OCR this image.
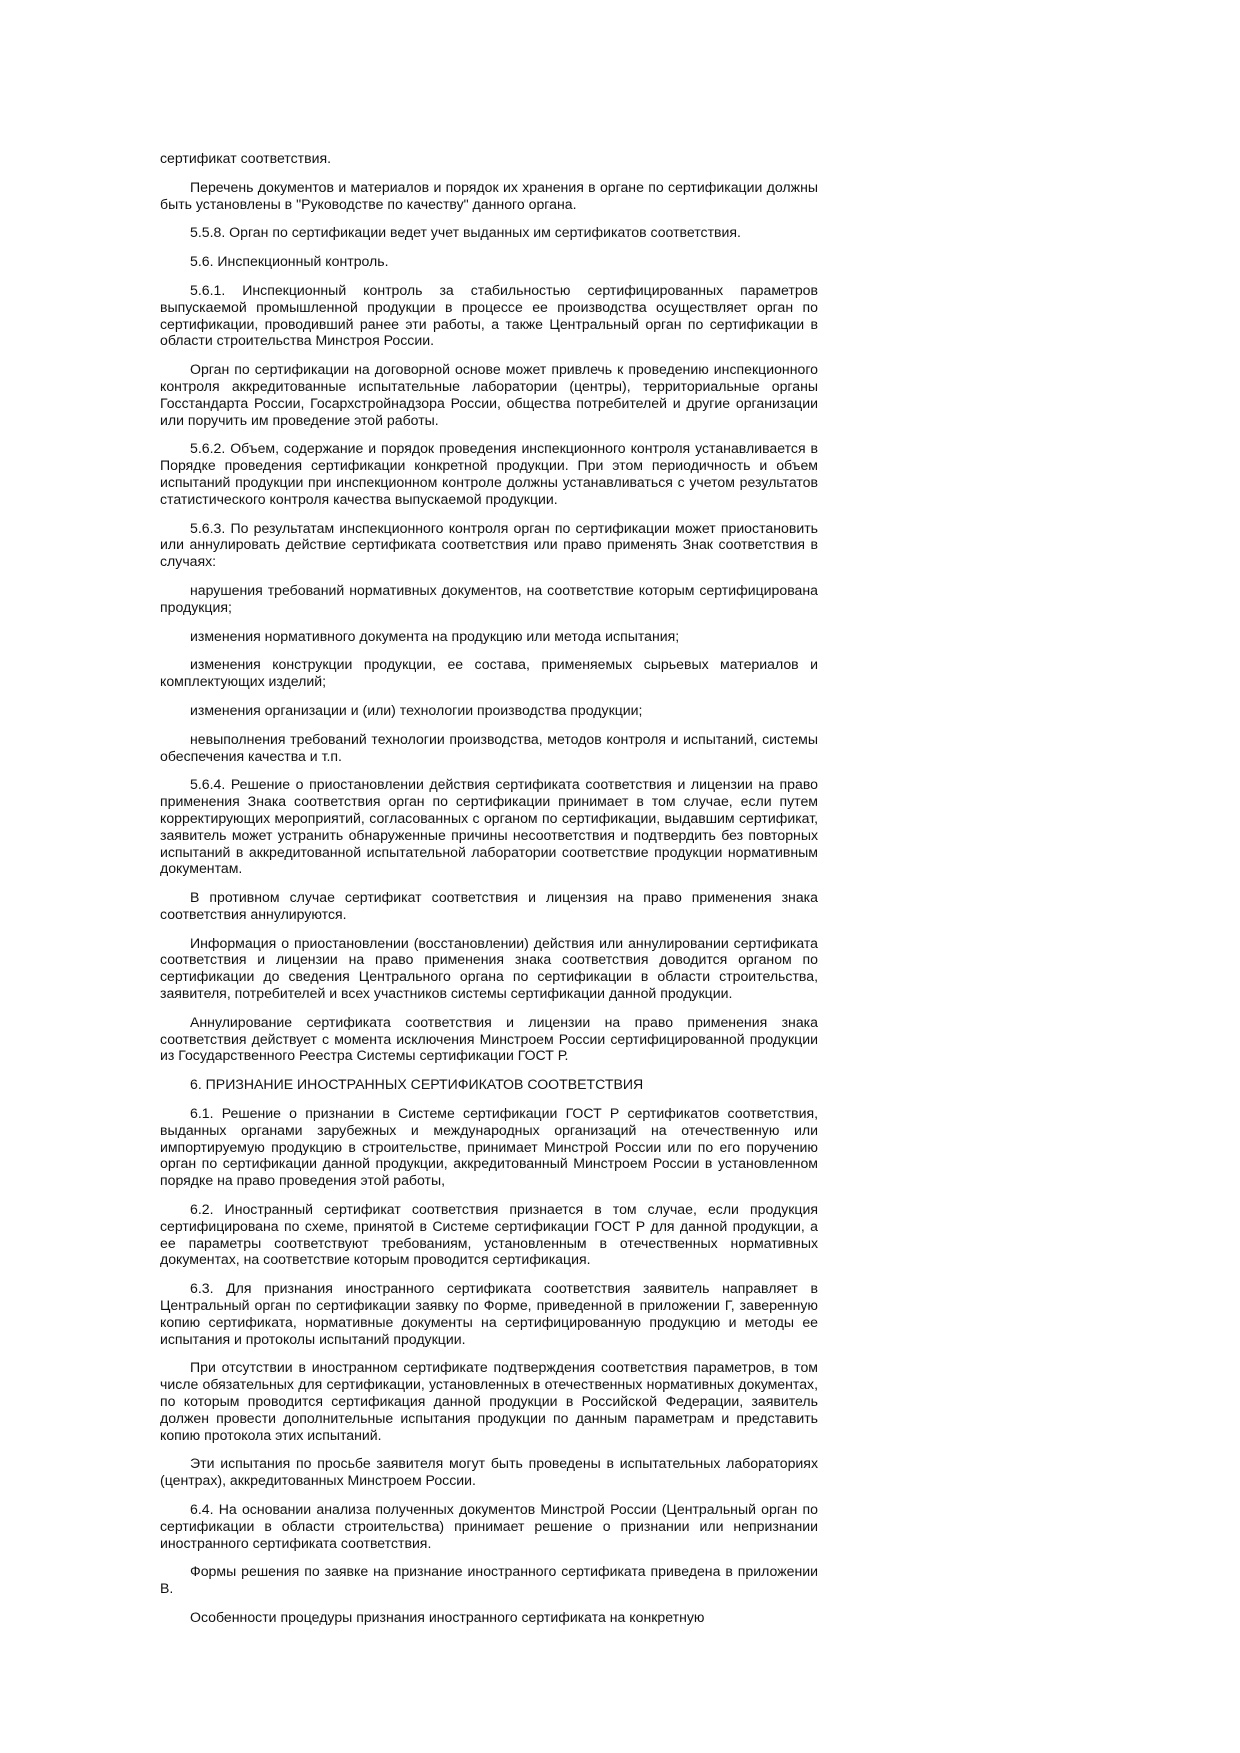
сертификат соответствия.

Перечень документов и материалов и порядок их хранения в органе по сертификации должны быть установлены в "Руководстве по качеству" данного органа.

5.5.8. Орган по сертификации ведет учет выданных им сертификатов соответствия.

5.6. Инспекционный контроль.

5.6.1. Инспекционный контроль за стабильностью сертифицированных параметров выпускаемой промышленной продукции в процессе ее производства осуществляет орган по сертификации, проводивший ранее эти работы, а также Центральный орган по сертификации в области строительства Минстроя России.

Орган по сертификации на договорной основе может привлечь к проведению инспекционного контроля аккредитованные испытательные лаборатории (центры), территориальные органы Госстандарта России, Госархстройнадзора России, общества потребителей и другие организации или поручить им проведение этой работы.

5.6.2. Объем, содержание и порядок проведения инспекционного контроля устанавливается в Порядке проведения сертификации конкретной продукции. При этом периодичность и объем испытаний продукции при инспекционном контроле должны устанавливаться с учетом результатов статистического контроля качества выпускаемой продукции.

5.6.3. По результатам инспекционного контроля орган по сертификации может приостановить или аннулировать действие сертификата соответствия или право применять Знак соответствия в случаях:

нарушения требований нормативных документов, на соответствие которым сертифицирована продукция;

изменения нормативного документа на продукцию или метода испытания;

изменения конструкции продукции, ее состава, применяемых сырьевых материалов и комплектующих изделий;

изменения организации и (или) технологии производства продукции;

невыполнения требований технологии производства, методов контроля и испытаний, системы обеспечения качества и т.п.

5.6.4. Решение о приостановлении действия сертификата соответствия и лицензии на право применения Знака соответствия орган по сертификации принимает в том случае, если путем корректирующих мероприятий, согласованных с органом по сертификации, выдавшим сертификат, заявитель может устранить обнаруженные причины несоответствия и подтвердить без повторных испытаний в аккредитованной испытательной лаборатории соответствие продукции нормативным документам.

В противном случае сертификат соответствия и лицензия на право применения знака соответствия аннулируются.

Информация о приостановлении (восстановлении) действия или аннулировании сертификата соответствия и лицензии на право применения знака соответствия доводится органом по сертификации до сведения Центрального органа по сертификации в области строительства, заявителя, потребителей и всех участников системы сертификации данной продукции.

Аннулирование сертификата соответствия и лицензии на право применения знака соответствия действует с момента исключения Минстроем России сертифицированной продукции из Государственного Реестра Системы сертификации ГОСТ Р.

6. ПРИЗНАНИЕ ИНОСТРАННЫХ СЕРТИФИКАТОВ СООТВЕТСТВИЯ

6.1. Решение о признании в Системе сертификации ГОСТ Р сертификатов соответствия, выданных органами зарубежных и международных организаций на отечественную или импортируемую продукцию в строительстве, принимает Минстрой России или по его поручению орган по сертификации данной продукции, аккредитованный Минстроем России в установленном порядке на право проведения этой работы,

6.2. Иностранный сертификат соответствия признается в том случае, если продукция сертифицирована по схеме, принятой в Системе сертификации ГОСТ Р для данной продукции, а ее параметры соответствуют требованиям, установленным в отечественных нормативных документах, на соответствие которым проводится сертификация.

6.3. Для признания иностранного сертификата соответствия заявитель направляет в Центральный орган по сертификации заявку по Форме, приведенной в приложении Г, заверенную копию сертификата, нормативные документы на сертифицированную продукцию и методы ее испытания и протоколы испытаний продукции.

При отсутствии в иностранном сертификате подтверждения соответствия параметров, в том числе обязательных для сертификации, установленных в отечественных нормативных документах, по которым проводится сертификация данной продукции в Российской Федерации, заявитель должен провести дополнительные испытания продукции по данным параметрам и представить копию протокола этих испытаний.

Эти испытания по просьбе заявителя могут быть проведены в испытательных лабораториях (центрах), аккредитованных Минстроем России.

6.4. На основании анализа полученных документов Минстрой России (Центральный орган по сертификации в области строительства) принимает решение о признании или непризнании иностранного сертификата соответствия.

Формы решения по заявке на признание иностранного сертификата приведена в приложении В.

Особенности процедуры признания иностранного сертификата на конкретную
